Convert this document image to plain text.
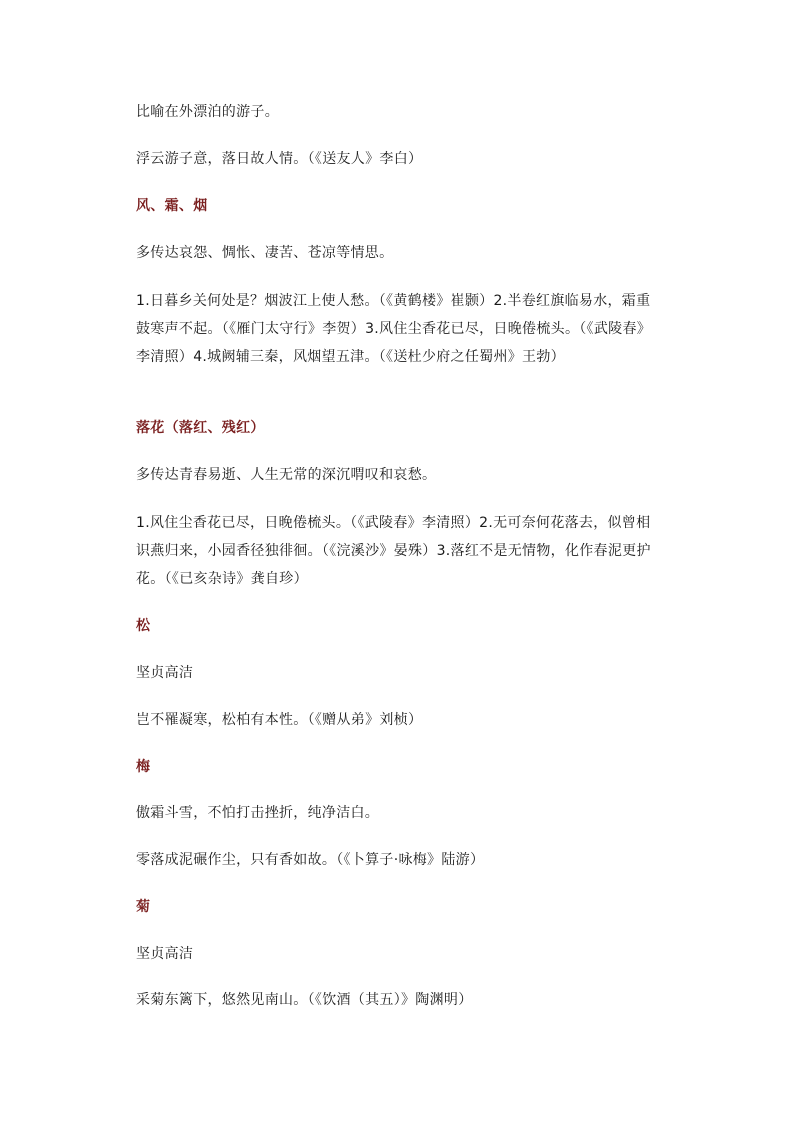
比喻在外漂泊的游子。

浮云游子意，落日故人情。（《送友人》李白）

风、霜、烟

多传达哀怨、惆怅、凄苦、苍凉等情思。

1.日暮乡关何处是？烟波江上使人愁。（《黄鹤楼》崔颢）2.半卷红旗临易水，霜重鼓寒声不起。（《雁门太守行》李贺）3.风住尘香花已尽，日晚倦梳头。（《武陵春》李清照）4.城阙辅三秦，风烟望五津。（《送杜少府之任蜀州》王勃）

落花（落红、残红）

多传达青春易逝、人生无常的深沉喟叹和哀愁。

1.风住尘香花已尽，日晚倦梳头。（《武陵春》李清照）2.无可奈何花落去，似曾相识燕归来，小园香径独徘徊。（《浣溪沙》晏殊）3.落红不是无情物，化作春泥更护花。（《已亥杂诗》龚自珍）

松

坚贞高洁

岂不罹凝寒，松柏有本性。（《赠从弟》刘桢）

梅

傲霜斗雪，不怕打击挫折，纯净洁白。

零落成泥碾作尘，只有香如故。（《卜算子·咏梅》陆游）

菊

坚贞高洁

采菊东篱下，悠然见南山。（《饮酒（其五）》陶渊明）
